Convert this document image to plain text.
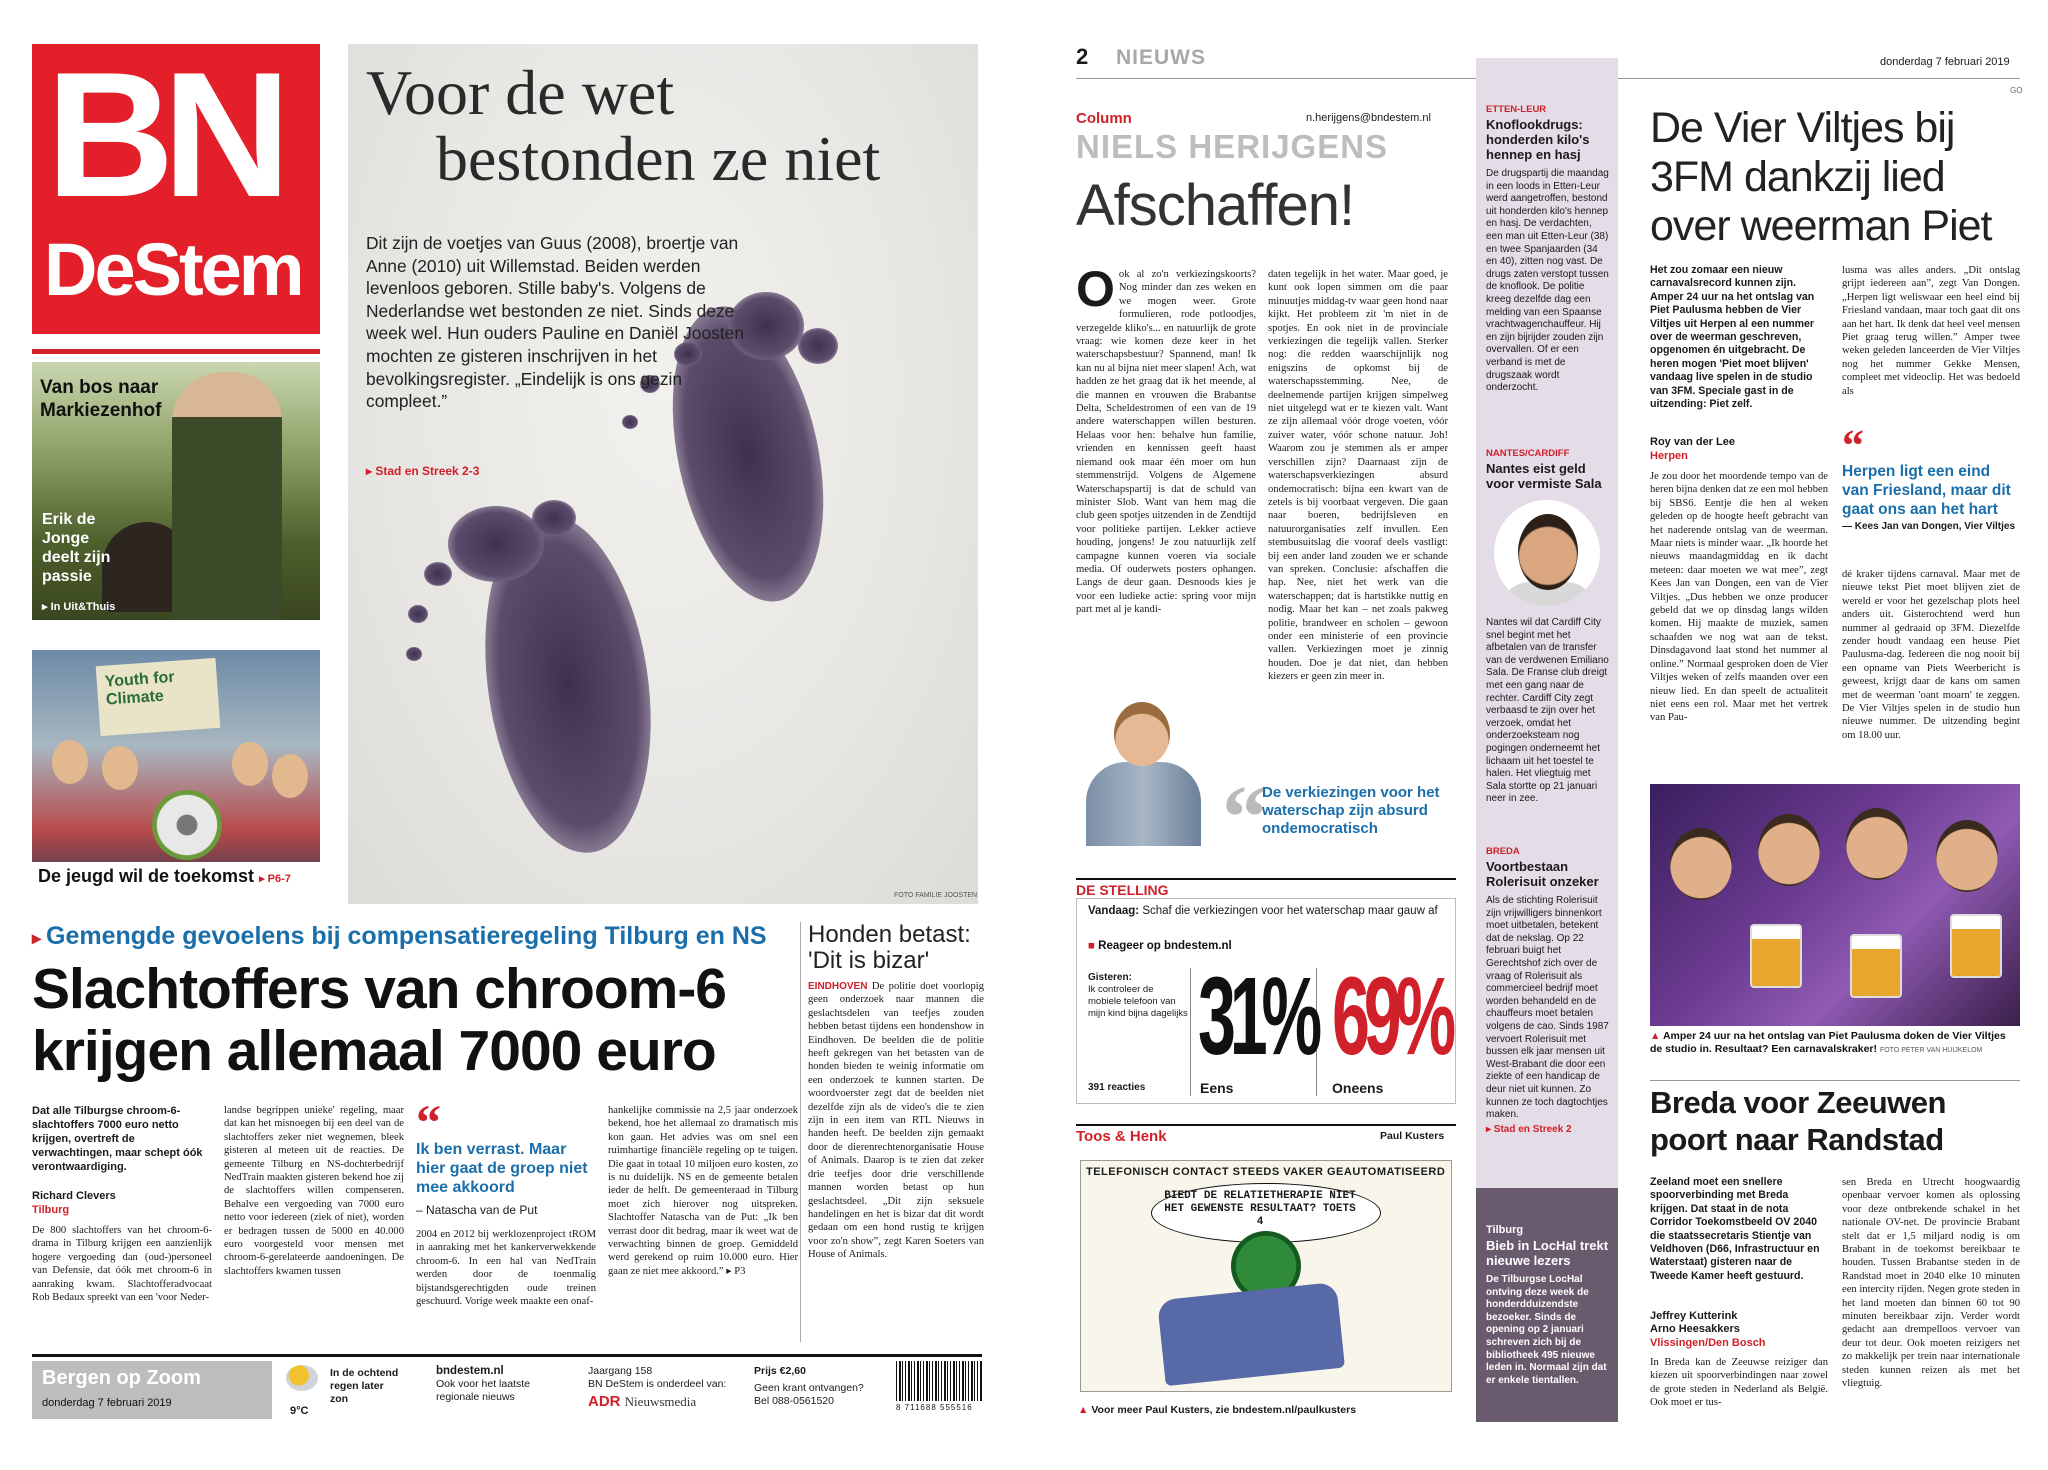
BN
DeStem
Van bos naar Markiezenhof
Erik de Jonge deelt zijn passie
▸ In Uit&Thuis
Youth for Climate
De jeugd wil de toekomst ▸ P6-7
Voor de wet
bestonden ze niet
Dit zijn de voetjes van Guus (2008), broertje van Anne (2010) uit Willemstad. Beiden werden levenloos geboren. Stille baby's. Volgens de Nederlandse wet bestonden ze niet. Sinds deze week wel. Hun ouders Pauline en Daniël Joosten mochten ze gisteren inschrijven in het bevolkingsregister. „Eindelijk is ons gezin compleet.”
▸ Stad en Streek 2-3
FOTO FAMILIE JOOSTEN
▸ Gemengde gevoelens bij compensatieregeling Tilburg en NS
Slachtoffers van chroom-6
krijgen allemaal 7000 euro
Honden betast: 'Dit is bizar'
EINDHOVEN De politie doet voorlopig geen onderzoek naar mannen die geslachtsdelen van teefjes zouden hebben betast tijdens een hondenshow in Eindhoven. De beelden die de politie heeft gekregen van het betasten van de honden bieden te weinig informatie om een onderzoek te kunnen starten. De woordvoerster zegt dat de beelden niet dezelfde zijn als de video's die te zien zijn in een item van RTL Nieuws in handen heeft. De beelden zijn gemaakt door de dierenrechtenorganisatie House of Animals. Daarop is te zien dat zeker drie teefjes door drie verschillende mannen worden betast op hun geslachtsdeel. „Dit zijn seksuele handelingen en het is bizar dat dit wordt gedaan om een hond rustig te krijgen voor zo'n show”, zegt Karen Soeters van House of Animals.
Dat alle Tilburgse chroom-6-slachtoffers 7000 euro netto krijgen, overtreft de verwachtingen, maar schept óók verontwaardiging.
Richard Clevers
Tilburg
De 800 slachtoffers van het chroom-6-drama in Tilburg krijgen een aanzienlijk hogere vergoeding dan (oud-)personeel van Defensie, dat óók met chroom-6 in aanraking kwam. Slachtofferadvocaat Rob Bedaux spreekt van een 'voor Neder-
landse begrippen unieke' regeling, maar dat kan het misnoegen bij een deel van de slachtoffers zeker niet wegnemen, bleek gisteren al meteen uit de reacties. De gemeente Tilburg en NS-dochterbedrijf NedTrain maakten gisteren bekend hoe zij de slachtoffers willen compenseren. Behalve een vergoeding van 7000 euro netto voor iedereen (ziek of niet), worden er bedragen tussen de 5000 en 40.000 euro voorgesteld voor mensen met chroom-6-gerelateerde aandoeningen. De slachtoffers kwamen tussen
“
Ik ben verrast. Maar hier gaat de groep niet mee akkoord
– Natascha van de Put
2004 en 2012 bij werklozenproject tROM in aanraking met het kankerverwekkende chroom-6. In een hal van NedTrain werden door de toenmalig bijstandsgerechtigden oude treinen geschuurd. Vorige week maakte een onaf-
hankelijke commissie na 2,5 jaar onderzoek bekend, hoe het allemaal zo dramatisch mis kon gaan. Het advies was om snel een ruimhartige financiële regeling op te tuigen. Die gaat in totaal 10 miljoen euro kosten, zo is nu duidelijk. NS en de gemeente betalen ieder de helft. De gemeenteraad in Tilburg moet zich hierover nog uitspreken. Slachtoffer Natascha van de Put: „Ik ben verrast door dit bedrag, maar ik weet wat de verwachting binnen de groep. Gemiddeld werd gerekend op ruim 10.000 euro. Hier gaan ze niet mee akkoord.” ▸ P3
Bergen op Zoom
donderdag 7 februari 2019
9°C
In de ochtend regen later zon
bndestem.nl
Ook voor het laatste regionale nieuws
Jaargang 158
BN DeStem is onderdeel van:
ADR Nieuwsmedia
Prijs €2,60
Geen krant ontvangen?
Bel 088-0561520
8 711688 555516
2 NIEUWS	donderdag 7 februari 2019
GO
Column	n.herijgens@bndestem.nl
NIELS HERIJGENS
Afschaffen!
Ook al zo'n verkiezingskoorts? Nog minder dan zes weken en we mogen weer. Grote formulieren, rode potloodjes, verzegelde kliko's... en natuurlijk de grote vraag: wie komen deze keer in het waterschapsbestuur? Spannend, man! Ik kan nu al bijna niet meer slapen! Ach, wat hadden ze het graag dat ik het meende, al die mannen en vrouwen die Brabantse Delta, Scheldestromen of een van de 19 andere waterschappen willen besturen. Helaas voor hen: behalve hun familie, vrienden en kennissen geeft haast niemand ook maar één moer om hun stemmenstrijd. Volgens de Algemene Waterschapspartij is dat de schuld van minister Slob. Want van hem mag die club geen spotjes uitzenden in de Zendtijd voor politieke partijen. Lekker actieve houding, jongens! Je zou natuurlijk zelf campagne kunnen voeren via sociale media. Of ouderwets posters ophangen. Langs de deur gaan. Desnoods kies je voor een ludieke actie: spring voor mijn part met al je kandi-
daten tegelijk in het water. Maar goed, je kunt ook lopen simmen om die paar minuutjes middag-tv waar geen hond naar kijkt. Het probleem zit 'm niet in de spotjes. En ook niet in de provinciale verkiezingen die tegelijk vallen. Sterker nog: die redden waarschijnlijk nog enigszins de opkomst bij de waterschapsstemming. Nee, de deelnemende partijen krijgen simpelweg niet uitgelegd wat er te kiezen valt. Want ze zijn allemaal vóór droge voeten, vóór zuiver water, vóór schone natuur. Joh! Waarom zou je stemmen als er amper verschillen zijn? Daarnaast zijn de waterschapsverkiezingen absurd ondemocratisch: bijna een kwart van de zetels is bij voorbaat vergeven. Die gaan naar boeren, bedrijfsleven en natuurorganisaties zelf invullen. Een stembusuitslag die vooraf deels vastligt: bij een ander land zouden we er schande van spreken. Conclusie: afschaffen die hap. Nee, niet het werk van die waterschappen; dat is hartstikke nuttig en nodig. Maar het kan – net zoals pakweg politie, brandweer en scholen – gewoon onder een ministerie of een provincie vallen. Verkiezingen moet je zinnig houden. Doe je dat niet, dan hebben kiezers er geen zin meer in.
“
De verkiezingen voor het waterschap zijn absurd ondemocratisch
DE STELLING
Vandaag: Schaf die verkiezingen voor het waterschap maar gauw af
■ Reageer op bndestem.nl
Gisteren:
Ik controleer de mobiele telefoon van mijn kind bijna dagelijks
391 reacties
31% 69%
Eens	Oneens
Toos & Henk	Paul Kusters
TELEFONISCH CONTACT STEEDS VAKER GEAUTOMATISEERD
BIEDT DE RELATIETHERAPIE NIET HET GEWENSTE RESULTAAT? TOETS 4
▲ Voor meer Paul Kusters, zie bndestem.nl/paulkusters
ETTEN-LEUR
Knoflookdrugs: honderden kilo's hennep en hasj
De drugspartij die maandag in een loods in Etten-Leur werd aangetroffen, bestond uit honderden kilo's hennep en hasj. De verdachten, een man uit Etten-Leur (38) en twee Spanjaarden (34 en 40), zitten nog vast. De drugs zaten verstopt tussen de knoflook. De politie kreeg dezelfde dag een melding van een Spaanse vrachtwagenchauffeur. Hij en zijn bijrijder zouden zijn overvallen. Of er een verband is met de drugszaak wordt onderzocht.
NANTES/CARDIFF
Nantes eist geld voor vermiste Sala
Nantes wil dat Cardiff City snel begint met het afbetalen van de transfer van de verdwenen Emiliano Sala. De Franse club dreigt met een gang naar de rechter. Cardiff City zegt verbaasd te zijn over het verzoek, omdat het onderzoeksteam nog pogingen onderneemt het lichaam uit het toestel te halen. Het vliegtuig met Sala stortte op 21 januari neer in zee.
BREDA
Voortbestaan Rolerisuit onzeker
Als de stichting Rolerisuit zijn vrijwilligers binnenkort moet uitbetalen, betekent dat de nekslag. Op 22 februari buigt het Gerechtshof zich over de vraag of Rolerisuit als commercieel bedrijf moet worden behandeld en de chauffeurs moet betalen volgens de cao. Sinds 1987 vervoert Rolerisuit met bussen elk jaar mensen uit West-Brabant die door een ziekte of een handicap de deur niet uit kunnen. Zo kunnen ze toch dagtochtjes maken.
▸ Stad en Streek 2
Tilburg
Bieb in LocHal trekt nieuwe lezers
De Tilburgse LocHal ontving deze week de honderdduizendste bezoeker. Sinds de opening op 2 januari schreven zich bij de bibliotheek 495 nieuwe leden in. Normaal zijn dat er enkele tientallen.
De Vier Viltjes bij 3FM dankzij lied over weerman Piet
Het zou zomaar een nieuw carnavalsrecord kunnen zijn. Amper 24 uur na het ontslag van Piet Paulusma hebben de Vier Viltjes uit Herpen al een nummer over de weerman geschreven, opgenomen én uitgebracht. De heren mogen 'Piet moet blijven' vandaag live spelen in de studio van 3FM. Speciale gast in de uitzending: Piet zelf.
Roy van der Lee
Herpen
Je zou door het moordende tempo van de heren bijna denken dat ze een mol hebben bij SBS6. Eentje die hen al weken geleden op de hoogte heeft gebracht van het naderende ontslag van de weerman. Maar niets is minder waar. „Ik hoorde het nieuws maandagmiddag en ik dacht meteen: daar moeten we wat mee”, zegt Kees Jan van Dongen, een van de Vier Viltjes. „Dus hebben we onze producer gebeld dat we op dinsdag langs wilden komen. Hij maakte de muziek, samen schaafden we nog wat aan de tekst. Dinsdagavond laat stond het nummer al online.” Normaal gesproken doen de Vier Viltjes weken of zelfs maanden over een nieuw lied. En dan speelt de actualiteit niet eens een rol. Maar met het vertrek van Pau-
lusma was alles anders. „Dit ontslag grijpt iedereen aan”, zegt Van Dongen. „Herpen ligt weliswaar een heel eind bij Friesland vandaan, maar toch gaat dit ons aan het hart. Ik denk dat heel veel mensen Piet graag terug willen.” Amper twee weken geleden lanceerden de Vier Viltjes nog het nummer Gekke Mensen, compleet met videoclip. Het was bedoeld als
“
Herpen ligt een eind van Friesland, maar dit gaat ons aan het hart
— Kees Jan van Dongen, Vier Viltjes
dé kraker tijdens carnaval. Maar met de nieuwe tekst Piet moet blijven ziet de wereld er voor het gezelschap plots heel anders uit. Gisterochtend werd hun nummer al gedraaid op 3FM. Diezelfde zender houdt vandaag een heuse Piet Paulusma-dag. Iedereen die nog nooit bij een opname van Piets Weerbericht is geweest, krijgt daar de kans om samen met de weerman 'oant moarn' te zeggen. De Vier Viltjes spelen in de studio hun nieuwe nummer. De uitzending begint om 18.00 uur.
▲ Amper 24 uur na het ontslag van Piet Paulusma doken de Vier Viltjes de studio in. Resultaat? Een carnavalskraker! FOTO PETER VAN HUIJKELOM
Breda voor Zeeuwen
poort naar Randstad
Zeeland moet een snellere spoorverbinding met Breda krijgen. Dat staat in de nota Corridor Toekomstbeeld OV 2040 die staatssecretaris Stientje van Veldhoven (D66, Infrastructuur en Waterstaat) gisteren naar de Tweede Kamer heeft gestuurd.
Jeffrey Kutterink
Arno Heesakkers
Vlissingen/Den Bosch
In Breda kan de Zeeuwse reiziger dan kiezen uit spoorverbindingen naar zowel de grote steden in Nederland als België. Ook moet er tus-
sen Breda en Utrecht hoogwaardig openbaar vervoer komen als oplossing voor deze ontbrekende schakel in het nationale OV-net. De provincie Brabant stelt dat er 1,5 miljard nodig is om Brabant in de toekomst bereikbaar te houden. Tussen Brabantse steden in de Randstad moet in 2040 elke 10 minuten een intercity rijden. Negen grote steden in het land moeten dan binnen 60 tot 90 minuten bereikbaar zijn. Verder wordt gedacht aan drempelloos vervoer van deur tot deur. Ook moeten reizigers net zo makkelijk per trein naar internationale steden kunnen reizen als met het vliegtuig.
